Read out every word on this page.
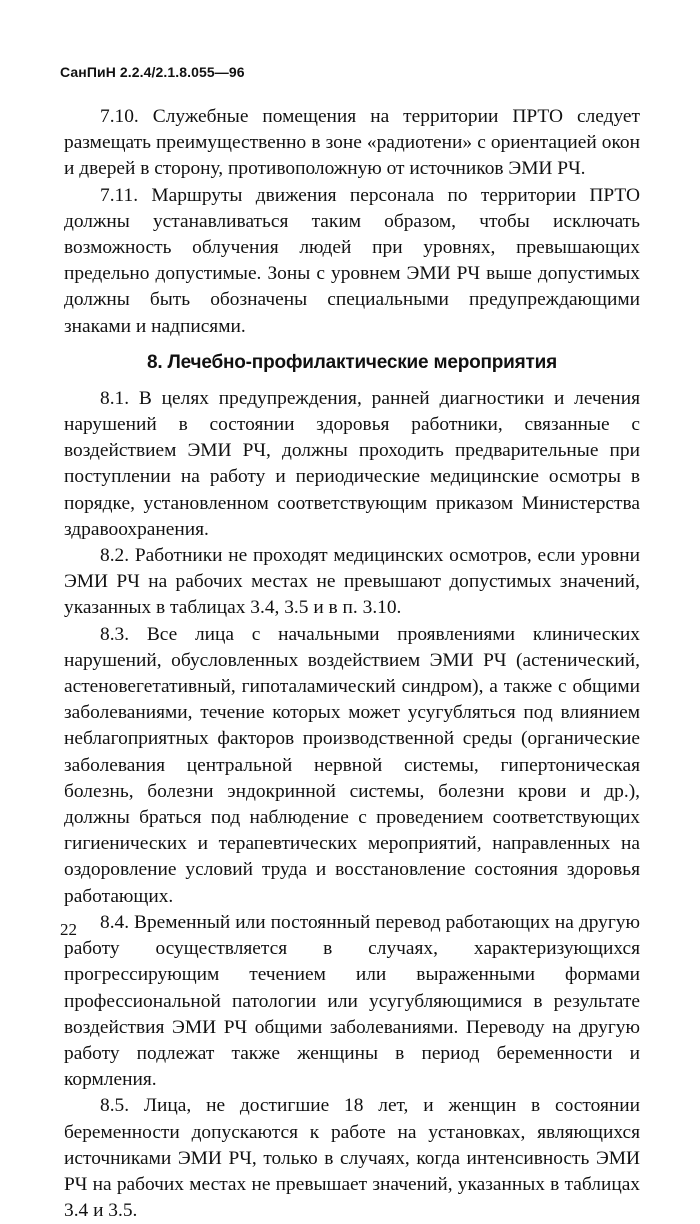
СанПиН 2.2.4/2.1.8.055—96

7.10. Служебные помещения на территории ПРТО следует размещать преимущественно в зоне «радиотени» с ориентацией окон и дверей в сторону, противоположную от источников ЭМИ РЧ.

7.11. Маршруты движения персонала по территории ПРТО должны устанавливаться таким образом, чтобы исключать возможность облучения людей при уровнях, превышающих предельно допустимые. Зоны с уровнем ЭМИ РЧ выше допустимых должны быть обозначены специальными предупреждающими знаками и надписями.

8. Лечебно-профилактические мероприятия

8.1. В целях предупреждения, ранней диагностики и лечения нарушений в состоянии здоровья работники, связанные с воздействием ЭМИ РЧ, должны проходить предварительные при поступлении на работу и периодические медицинские осмотры в порядке, установленном соответствующим приказом Министерства здравоохранения.

8.2. Работники не проходят медицинских осмотров, если уровни ЭМИ РЧ на рабочих местах не превышают допустимых значений, указанных в таблицах 3.4, 3.5 и в п. 3.10.

8.3. Все лица с начальными проявлениями клинических нарушений, обусловленных воздействием ЭМИ РЧ (астенический, астеновегетативный, гипоталамический синдром), а также с общими заболеваниями, течение которых может усугубляться под влиянием неблагоприятных факторов производственной среды (органические заболевания центральной нервной системы, гипертоническая болезнь, болезни эндокринной системы, болезни крови и др.), должны браться под наблюдение с проведением соответствующих гигиенических и терапевтических мероприятий, направленных на оздоровление условий труда и восстановление состояния здоровья работающих.

8.4. Временный или постоянный перевод работающих на другую работу осуществляется в случаях, характеризующихся прогрессирующим течением или выраженными формами профессиональной патологии или усугубляющимися в результате воздействия ЭМИ РЧ общими заболеваниями. Переводу на другую работу подлежат также женщины в период беременности и кормления.

8.5. Лица, не достигшие 18 лет, и женщин в состоянии беременности допускаются к работе на установках, являющихся источниками ЭМИ РЧ, только в случаях, когда интенсивность ЭМИ РЧ на рабочих местах не превышает значений, указанных в таблицах 3.4 и 3.5.

22
